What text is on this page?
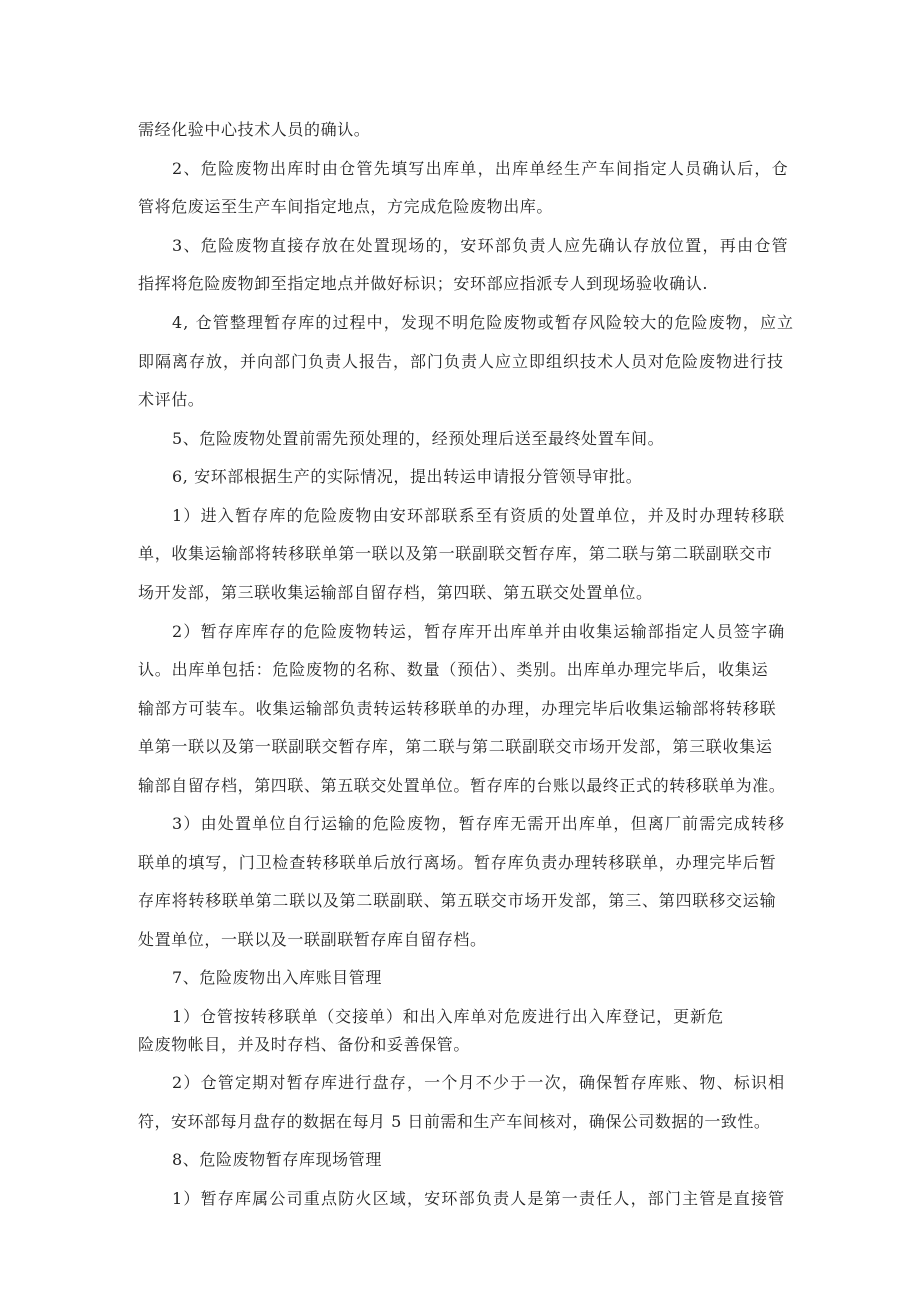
需经化验中心技术人员的确认。
2、危险废物出库时由仓管先填写出库单，出库单经生产车间指定人员确认后，仓
管将危废运至生产车间指定地点，方完成危险废物出库。
3、危险废物直接存放在处置现场的，安环部负责人应先确认存放位置，再由仓管
指挥将危险废物卸至指定地点并做好标识；安环部应指派专人到现场验收确认.
4, 仓管整理暂存库的过程中，发现不明危险废物或暂存风险较大的危险废物，应立
即隔离存放，并向部门负责人报告，部门负责人应立即组织技术人员对危险废物进行技
术评估。
5、危险废物处置前需先预处理的，经预处理后送至最终处置车间。
6, 安环部根据生产的实际情况，提出转运申请报分管领导审批。
1）进入暂存库的危险废物由安环部联系至有资质的处置单位，并及时办理转移联
单，收集运输部将转移联单第一联以及第一联副联交暂存库，第二联与第二联副联交市
场开发部，第三联收集运输部自留存档，第四联、第五联交处置单位。
2）暂存库库存的危险废物转运，暂存库开出库单并由收集运输部指定人员签字确
认。出库单包括：危险废物的名称、数量（预估）、类别。出库单办理完毕后，收集运
输部方可装车。收集运输部负责转运转移联单的办理，办理完毕后收集运输部将转移联
单第一联以及第一联副联交暂存库，第二联与第二联副联交市场开发部，第三联收集运
输部自留存档，第四联、第五联交处置单位。暂存库的台账以最终正式的转移联单为准。
3）由处置单位自行运输的危险废物，暂存库无需开出库单，但离厂前需完成转移
联单的填写，门卫检查转移联单后放行离场。暂存库负责办理转移联单，办理完毕后暂
存库将转移联单第二联以及第二联副联、第五联交市场开发部，第三、第四联移交运输
处置单位，一联以及一联副联暂存库自留存档。
7、危险废物出入库账目管理
1）仓管按转移联单（交接单）和出入库单对危废进行出入库登记，更新危
险废物帐目，并及时存档、备份和妥善保管。
2）仓管定期对暂存库进行盘存，一个月不少于一次，确保暂存库账、物、标识相
符，安环部每月盘存的数据在每月 5 日前需和生产车间核对，确保公司数据的一致性。
8、危险废物暂存库现场管理
1）暂存库属公司重点防火区域，安环部负责人是第一责任人，部门主管是直接管
